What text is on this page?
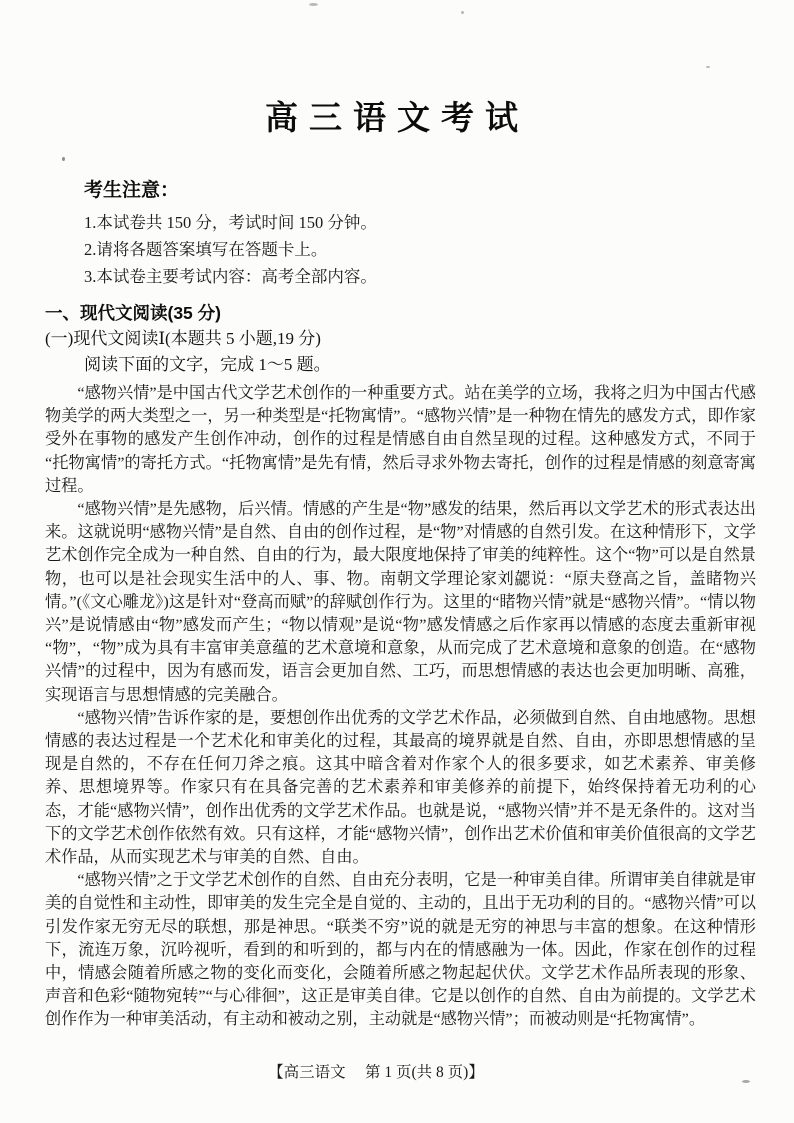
高三语文考试
考生注意：
1.本试卷共 150 分，考试时间 150 分钟。
2.请将各题答案填写在答题卡上。
3.本试卷主要考试内容：高考全部内容。
一、现代文阅读(35 分)
(一)现代文阅读Ⅰ(本题共 5 小题,19 分)
阅读下面的文字，完成 1～5 题。

“感物兴情”是中国古代文学艺术创作的一种重要方式。站在美学的立场，我将之归为中国古代感物美学的两大类型之一，另一种类型是“托物寓情”。“感物兴情”是一种物在情先的感发方式，即作家受外在事物的感发产生创作冲动，创作的过程是情感自由自然呈现的过程。这种感发方式，不同于“托物寓情”的寄托方式。“托物寓情”是先有情，然后寻求外物去寄托，创作的过程是情感的刻意寄寓过程。

“感物兴情”是先感物，后兴情。情感的产生是“物”感发的结果，然后再以文学艺术的形式表达出来。这就说明“感物兴情”是自然、自由的创作过程，是“物”对情感的自然引发。在这种情形下，文学艺术创作完全成为一种自然、自由的行为，最大限度地保持了审美的纯粹性。这个“物”可以是自然景物，也可以是社会现实生活中的人、事、物。南朝文学理论家刘勰说：“原夫登高之旨，盖睹物兴情。”(《文心雕龙》)这是针对“登高而赋”的辞赋创作行为。这里的“睹物兴情”就是“感物兴情”。“情以物兴”是说情感由“物”感发而产生；“物以情观”是说“物”感发情感之后作家再以情感的态度去重新审视“物”，“物”成为具有丰富审美意蕴的艺术意境和意象，从而完成了艺术意境和意象的创造。在“感物兴情”的过程中，因为有感而发，语言会更加自然、工巧，而思想情感的表达也会更加明晰、高雅，实现语言与思想情感的完美融合。

“感物兴情”告诉作家的是，要想创作出优秀的文学艺术作品，必须做到自然、自由地感物。思想情感的表达过程是一个艺术化和审美化的过程，其最高的境界就是自然、自由，亦即思想情感的呈现是自然的，不存在任何刀斧之痕。这其中暗含着对作家个人的很多要求，如艺术素养、审美修养、思想境界等。作家只有在具备完善的艺术素养和审美修养的前提下，始终保持着无功利的心态，才能“感物兴情”，创作出优秀的文学艺术作品。也就是说，“感物兴情”并不是无条件的。这对当下的文学艺术创作依然有效。只有这样，才能“感物兴情”，创作出艺术价值和审美价值很高的文学艺术作品，从而实现艺术与审美的自然、自由。

“感物兴情”之于文学艺术创作的自然、自由充分表明，它是一种审美自律。所谓审美自律就是审美的自觉性和主动性，即审美的发生完全是自觉的、主动的，且出于无功利的目的。“感物兴情”可以引发作家无穷无尽的联想，那是神思。“联类不穷”说的就是无穷的神思与丰富的想象。在这种情形下，流连万象，沉吟视听，看到的和听到的，都与内在的情感融为一体。因此，作家在创作的过程中，情感会随着所感之物的变化而变化，会随着所感之物起起伏伏。文学艺术作品所表现的形象、声音和色彩“随物宛转”“与心徘徊”，这正是审美自律。它是以创作的自然、自由为前提的。文学艺术创作作为一种审美活动，有主动和被动之别，主动就是“感物兴情”；而被动则是“托物寓情”。

【高三语文　 第 1 页(共 8 页)】
